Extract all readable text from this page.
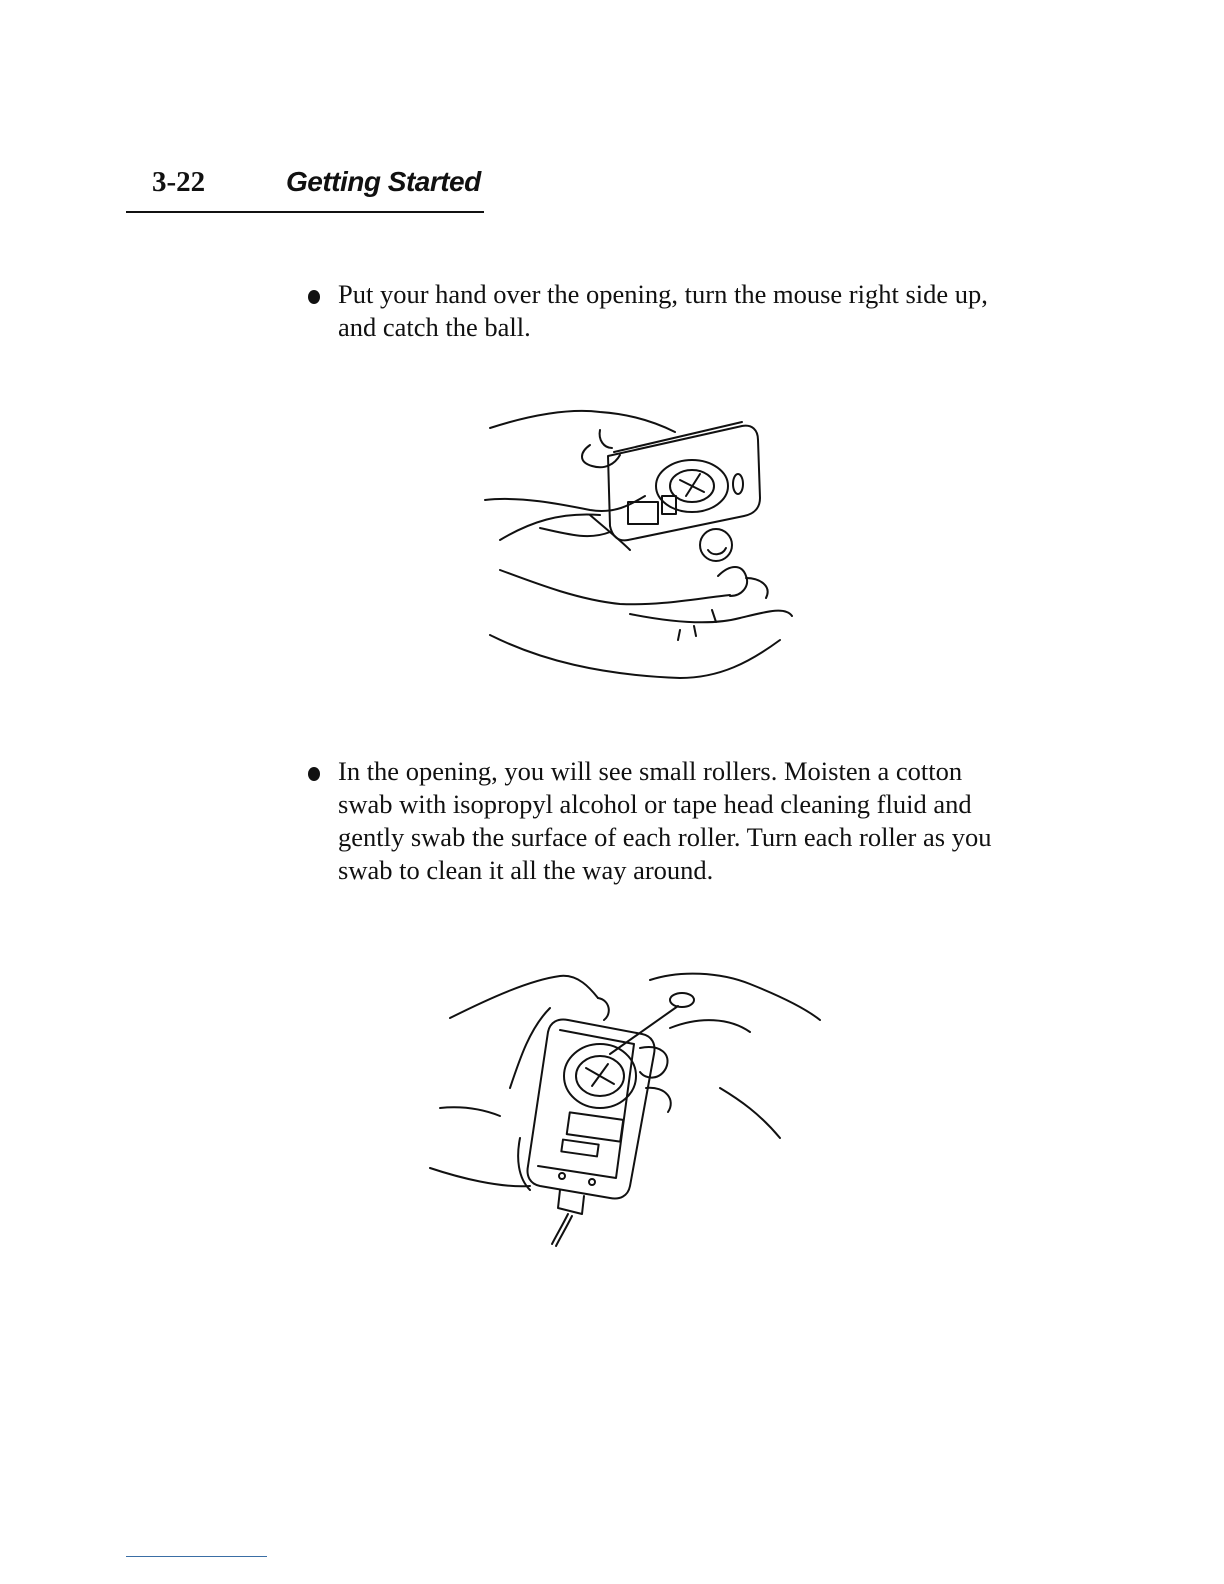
3-22	Getting Started
Put your hand over the opening, turn the mouse right side up, and catch the ball.
In the opening, you will see small rollers. Moisten a cotton swab with isopropyl alcohol or tape head cleaning fluid and gently swab the surface of each roller. Turn each roller as you swab to clean it all the way around.
